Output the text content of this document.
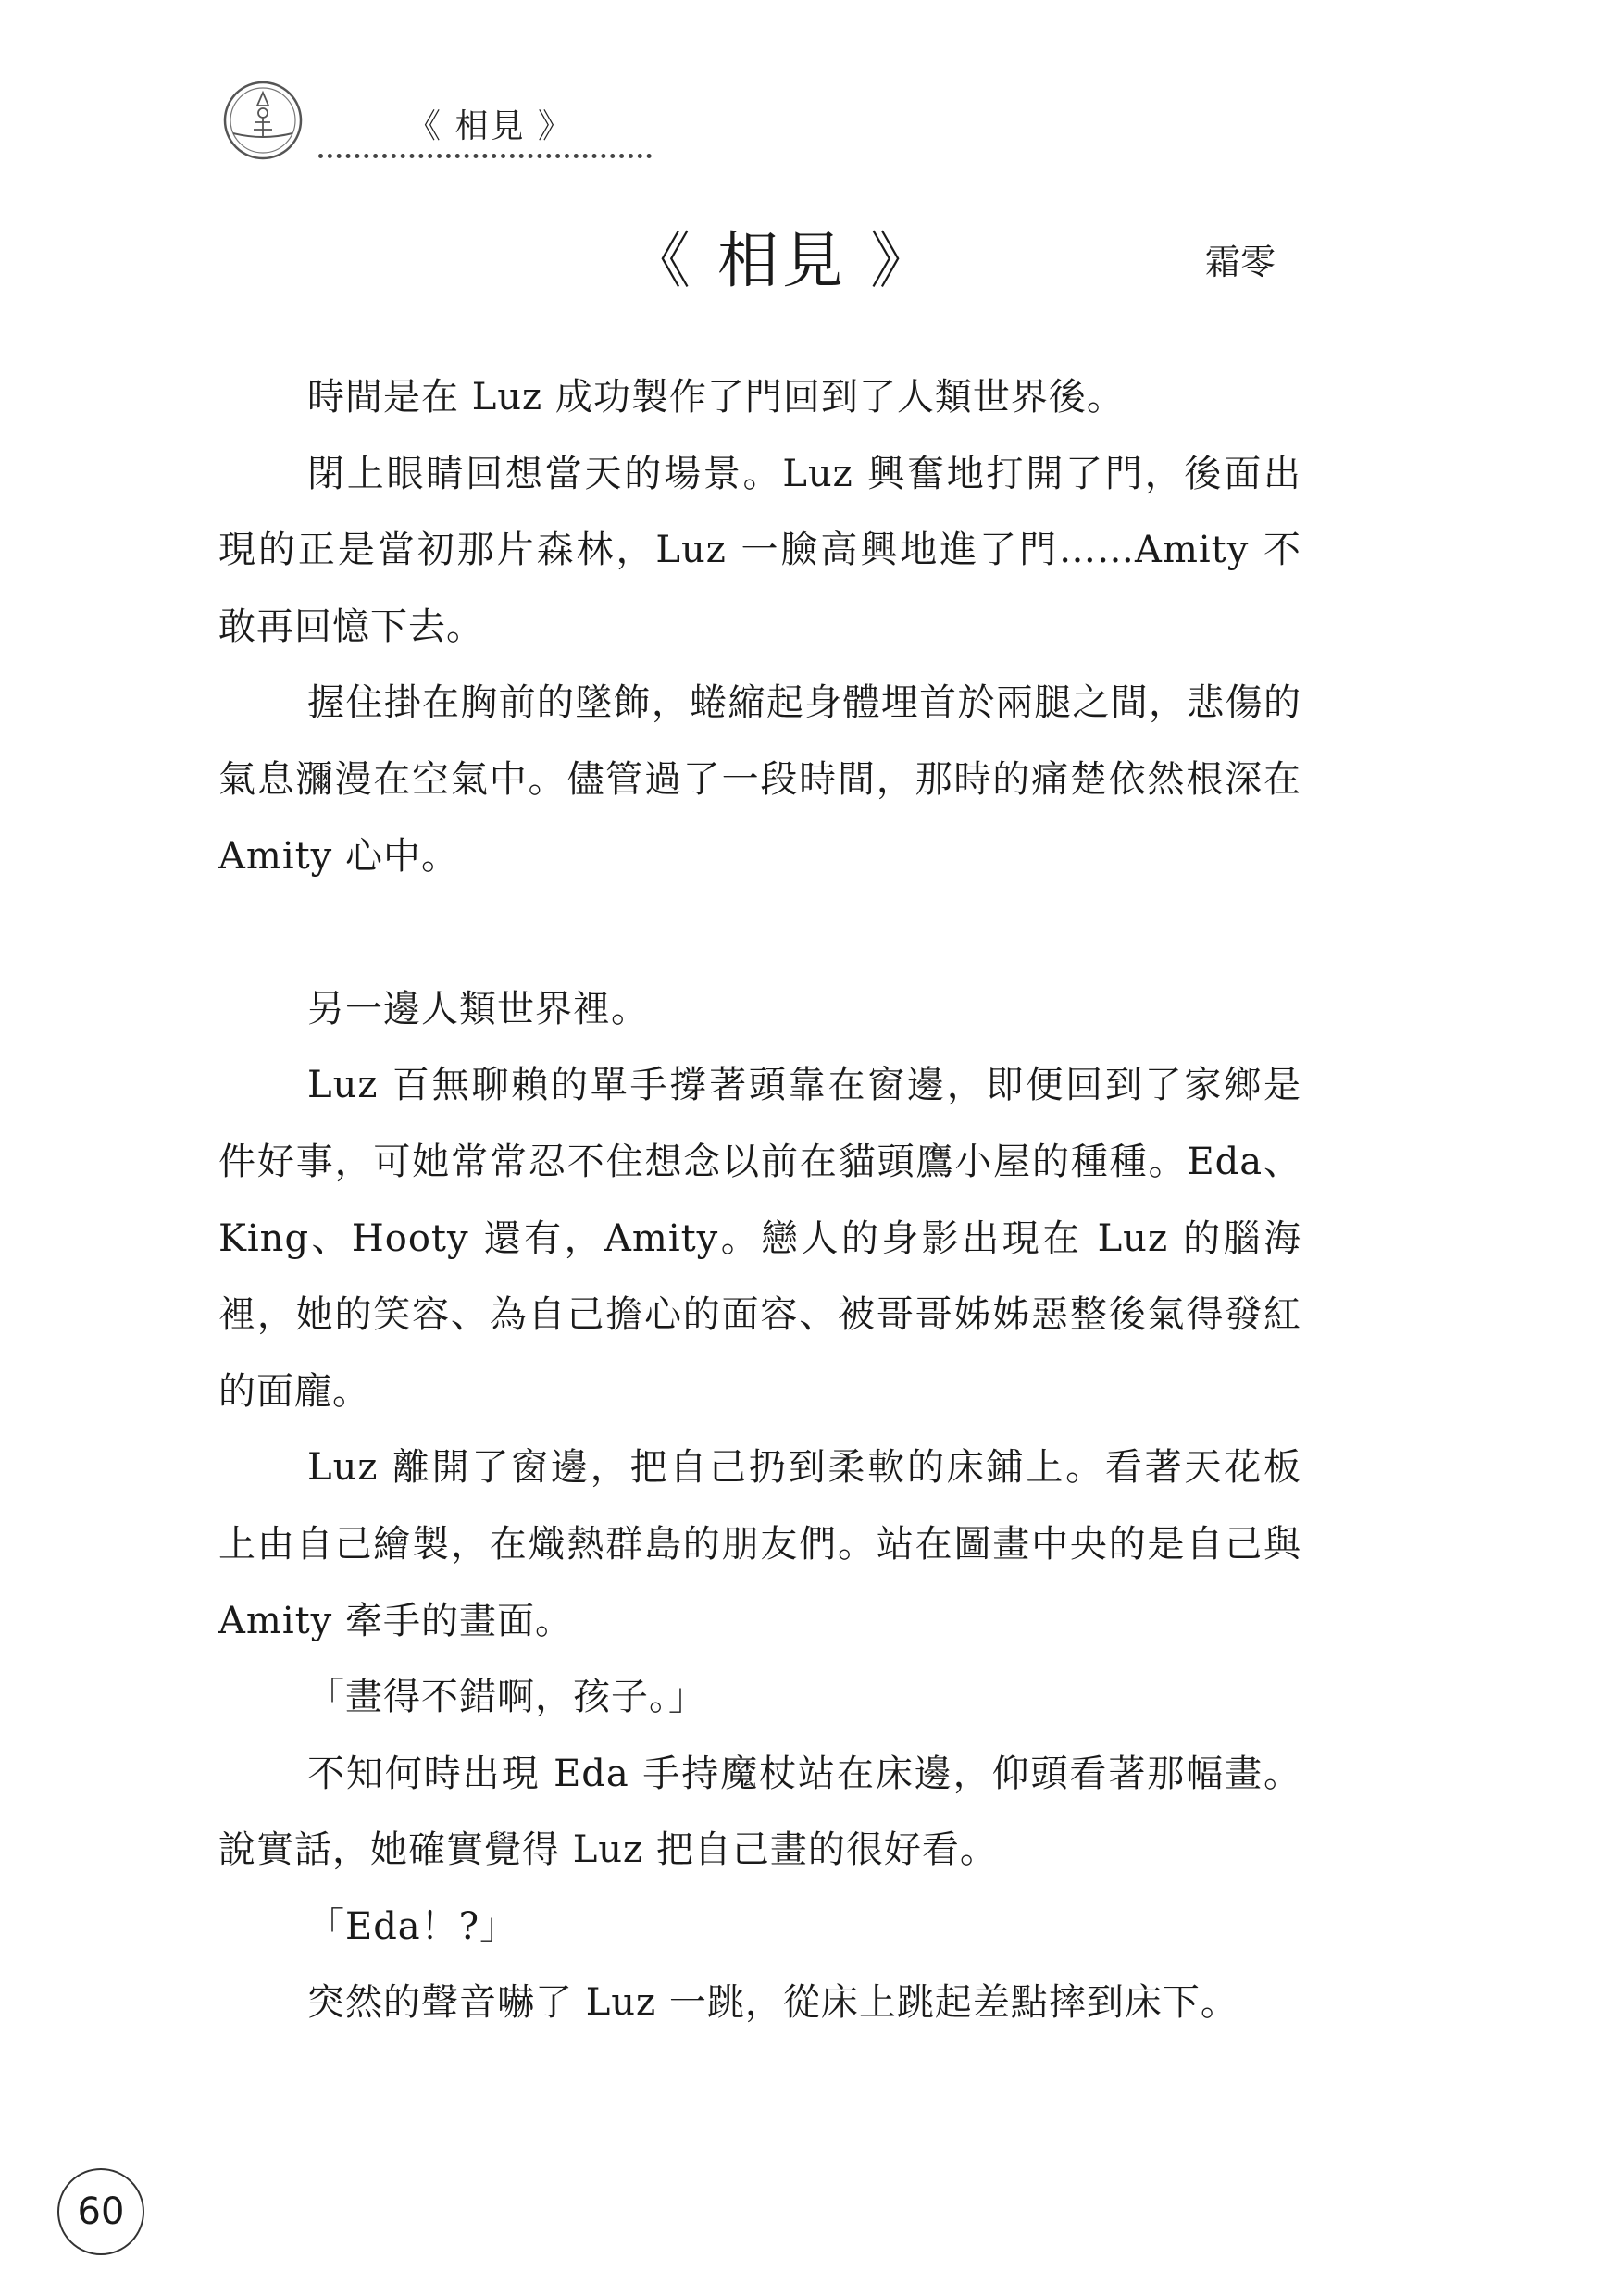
《 相見 》
《 相見 》	霜零

時間是在 Luz 成功製作了門回到了人類世界後。

閉上眼睛回想當天的場景。Luz 興奮地打開了門，後面出現的正是當初那片森林，Luz 一臉高興地進了門……Amity 不敢再回憶下去。

握住掛在胸前的墜飾，蜷縮起身體埋首於兩腿之間，悲傷的氣息瀰漫在空氣中。儘管過了一段時間，那時的痛楚依然根深在 Amity 心中。

另一邊人類世界裡。

Luz 百無聊賴的單手撐著頭靠在窗邊，即便回到了家鄉是件好事，可她常常忍不住想念以前在貓頭鷹小屋的種種。Eda、King、Hooty 還有，Amity。戀人的身影出現在 Luz 的腦海裡，她的笑容、為自己擔心的面容、被哥哥姊姊惡整後氣得發紅的面龐。

Luz 離開了窗邊，把自己扔到柔軟的床鋪上。看著天花板上由自己繪製，在熾熱群島的朋友們。站在圖畫中央的是自己與 Amity 牽手的畫面。

「畫得不錯啊，孩子。」

不知何時出現 Eda 手持魔杖站在床邊，仰頭看著那幅畫。說實話，她確實覺得 Luz 把自己畫的很好看。

「Eda！?」

突然的聲音嚇了 Luz 一跳，從床上跳起差點摔到床下。

60
